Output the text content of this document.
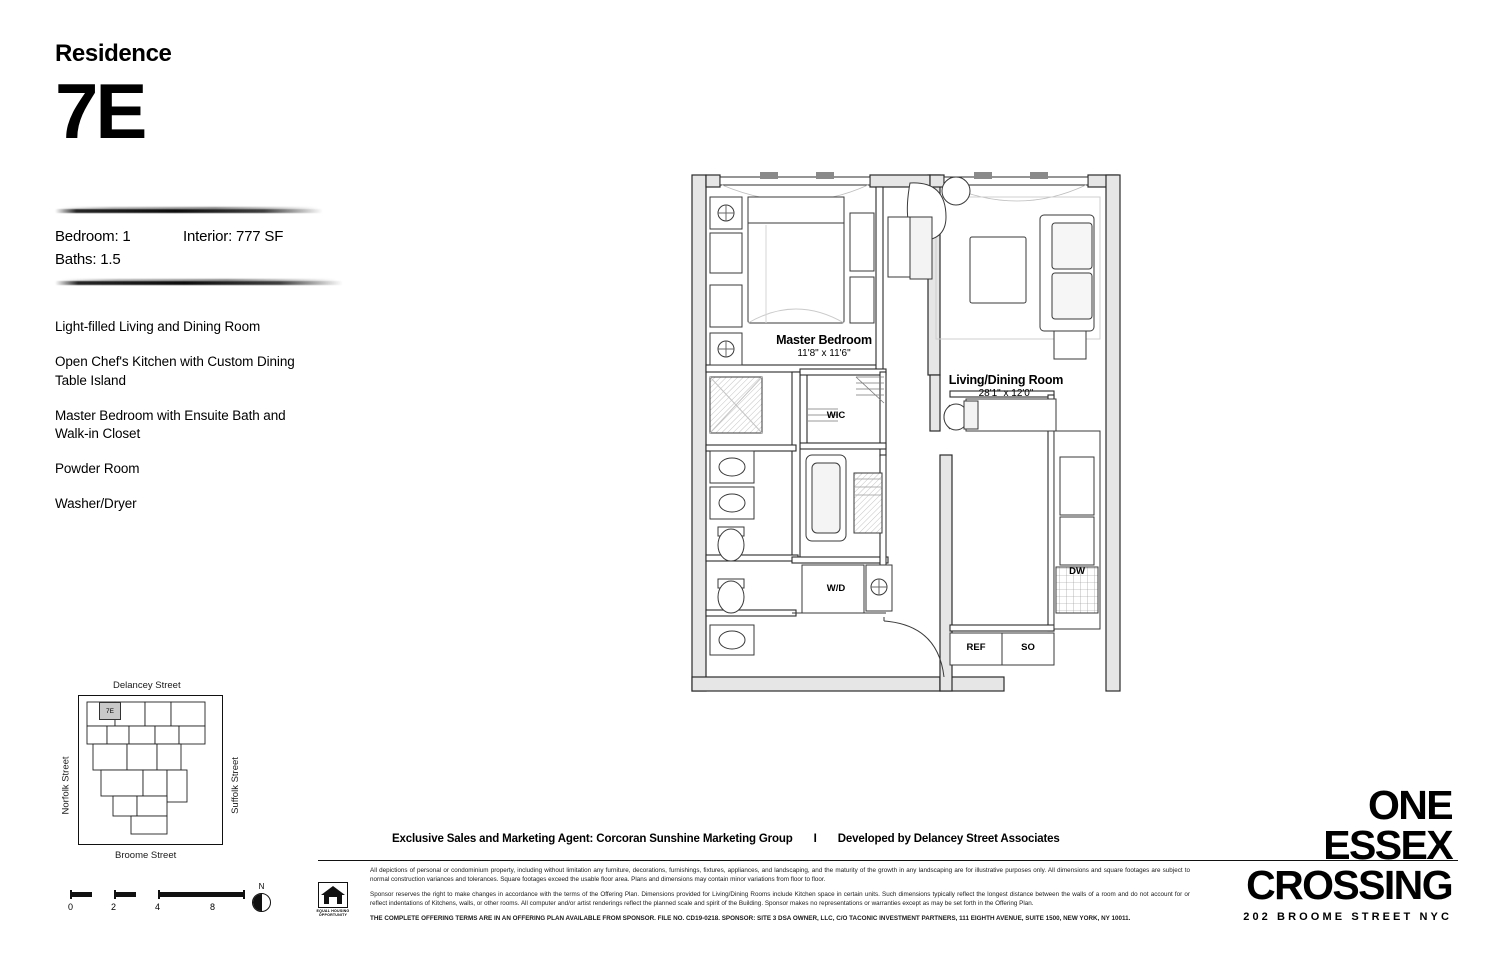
Residence
7E
Bedroom: 1	Interior: 777 SF
Baths: 1.5
Light-filled Living and Dining Room
Open Chef's Kitchen with Custom Dining Table Island
Master Bedroom with Ensuite Bath and Walk-in Closet
Powder Room
Washer/Dryer
Delancey Street
Broome Street
Norfolk Street	Suffolk Street
7E
0	2	4	8
N
EQUAL HOUSING OPPORTUNITY
Master Bedroom
11'8" x 11'6"
Living/Dining Room
28'1" x 12'0"
WIC
W/D
DW
REF	SO
Exclusive Sales and Marketing Agent: Corcoran Sunshine Marketing Group I Developed by Delancey Street Associates

All depictions of personal or condominium property, including without limitation any furniture, decorations, furnishings, fixtures, appliances, and landscaping, and the maturity of the growth in any landscaping are for illustrative purposes only. All dimensions and square footages are subject to normal construction variances and tolerances. Square footages exceed the usable floor area. Plans and dimensions may contain minor variations from floor to floor.

Sponsor reserves the right to make changes in accordance with the terms of the Offering Plan. Dimensions provided for Living/Dining Rooms include Kitchen space in certain units. Such dimensions typically reflect the longest distance between the walls of a room and do not account for or reflect indentations of Kitchens, walls, or other rooms. All computer and/or artist renderings reflect the planned scale and spirit of the Building. Sponsor makes no representations or warranties except as may be set forth in the Offering Plan.

THE COMPLETE OFFERING TERMS ARE IN AN OFFERING PLAN AVAILABLE FROM SPONSOR. FILE NO. CD19-0218. SPONSOR: SITE 3 DSA OWNER, LLC, C/O TACONIC INVESTMENT PARTNERS, 111 EIGHTH AVENUE, SUITE 1500, NEW YORK, NY 10011.

ONE
ESSEX
CROSSING
202 BROOME STREET NYC
